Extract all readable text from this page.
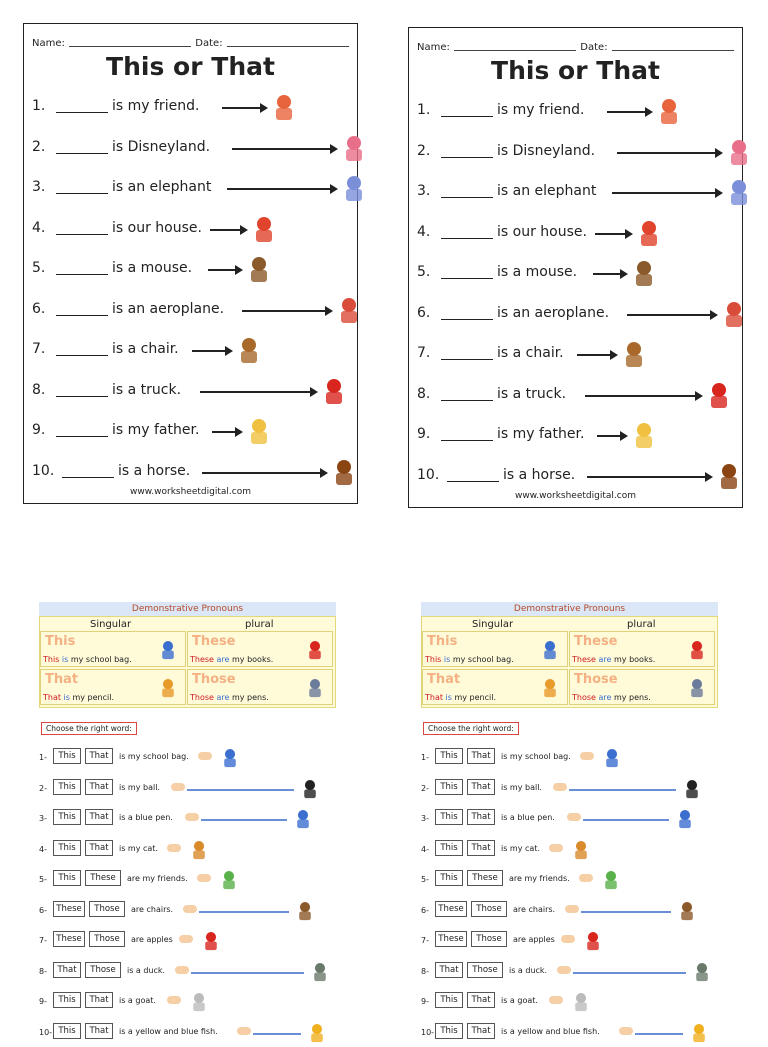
Name:	Date:
This or That
1.	is my friend.
2.	is Disneyland.
3.	is an elephant
4.	is our house.
5.	is a mouse.
6.	is an aeroplane.
7.	is a chair.
8.	is a truck.
9.	is my father.
10.	is a horse.
www.worksheetdigital.com
Name:	Date:
This or That
1.	is my friend.
2.	is Disneyland.
3.	is an elephant
4.	is our house.
5.	is a mouse.
6.	is an aeroplane.
7.	is a chair.
8.	is a truck.
9.	is my father.
10.	is a horse.
www.worksheetdigital.com
Demonstrative Pronouns
Singular	plural
This
This is my school bag.
These
These are my books.
That
That is my pencil.
Those
Those are my pens.
Choose the right word:
1-	This	That	is my school bag.
2-	This	That	is my ball.
3-	This	That	is a blue pen.
4-	This	That	is my cat.
5-	This	These	are my friends.
6-	These	Those	are chairs.
7-	These	Those	are apples
8-	That	Those	is a duck.
9-	This	That	is a goat.
10- This	That	is a yellow and blue fish.
Demonstrative Pronouns
Singular	plural
This
This is my school bag.
These
These are my books.
That
That is my pencil.
Those
Those are my pens.
Choose the right word:
1-	This	That	is my school bag.
2-	This	That	is my ball.
3-	This	That	is a blue pen.
4-	This	That	is my cat.
5-	This	These	are my friends.
6-	These	Those	are chairs.
7-	These	Those	are apples
8-	That	Those	is a duck.
9-	This	That	is a goat.
10- This	That	is a yellow and blue fish.
